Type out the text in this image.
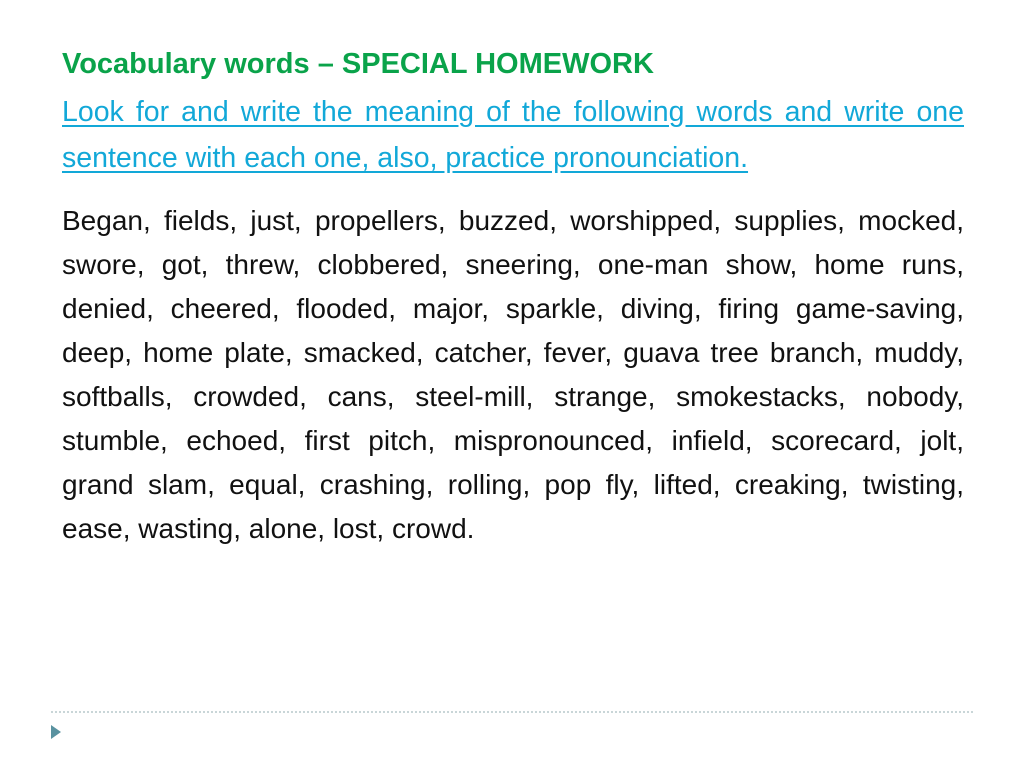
Vocabulary words – SPECIAL HOMEWORK

Look for and write the meaning of the following words and write one sentence with each one, also, practice pronounciation.

Began, fields, just, propellers, buzzed, worshipped, supplies, mocked, swore, got, threw, clobbered, sneering, one-man show, home runs, denied, cheered, flooded, major, sparkle, diving, firing game-saving, deep, home plate, smacked, catcher, fever, guava tree branch, muddy, softballs, crowded, cans, steel-mill, strange, smokestacks, nobody, stumble, echoed, first pitch, mispronounced, infield, scorecard, jolt, grand slam, equal, crashing, rolling, pop fly, lifted, creaking, twisting, ease, wasting, alone, lost, crowd.
